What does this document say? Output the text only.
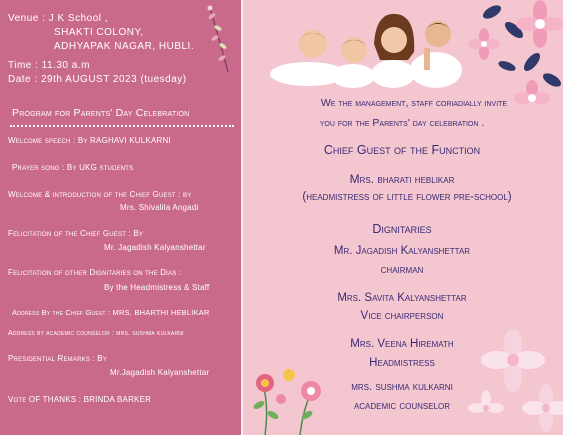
Venue : J K School ,
SHAKTI COLONY,
ADHYAPAK NAGAR, HUBLI.
Time : 11.30 a.m
Date : 29th AUGUST 2023 (tuesday)
Program for Parents' Day Celebration
Welcome speech : By RAGHAVI KULKARNI
Prayer song : By UKG students
Welcome & introduction of the Chief Guest : by
Mrs. Shivalila Angadi
Felicitation of the Chief Guest : By
Mr. Jagadish Kalyanshettar
Felicitation of other Dignitaries on the Dias :
By the Headmistress & Staff
Address By the Chief Guest : MRS. BHARTHI HEBLIKAR
Address by academic counselor : mrs. sushma kulkarni
Presidential Remarks : By
Mr.Jagadish Kalyanshettar
Vote OF THANKS : BRINDA BARKER
We the management, staff coriadially invite
you for the Parents' day celebration .
Chief Guest of the Function
Mrs. bharati heblikar
(headmistress of little flower pre-school)
Dignitaries
Mr. Jagadish Kalyanshettar
chairman
Mrs. Savita Kalyanshettar
Vice chairperson
Mrs. Veena Hiremath
Headmistress
mrs. sushma kulkarni
academic counselor
